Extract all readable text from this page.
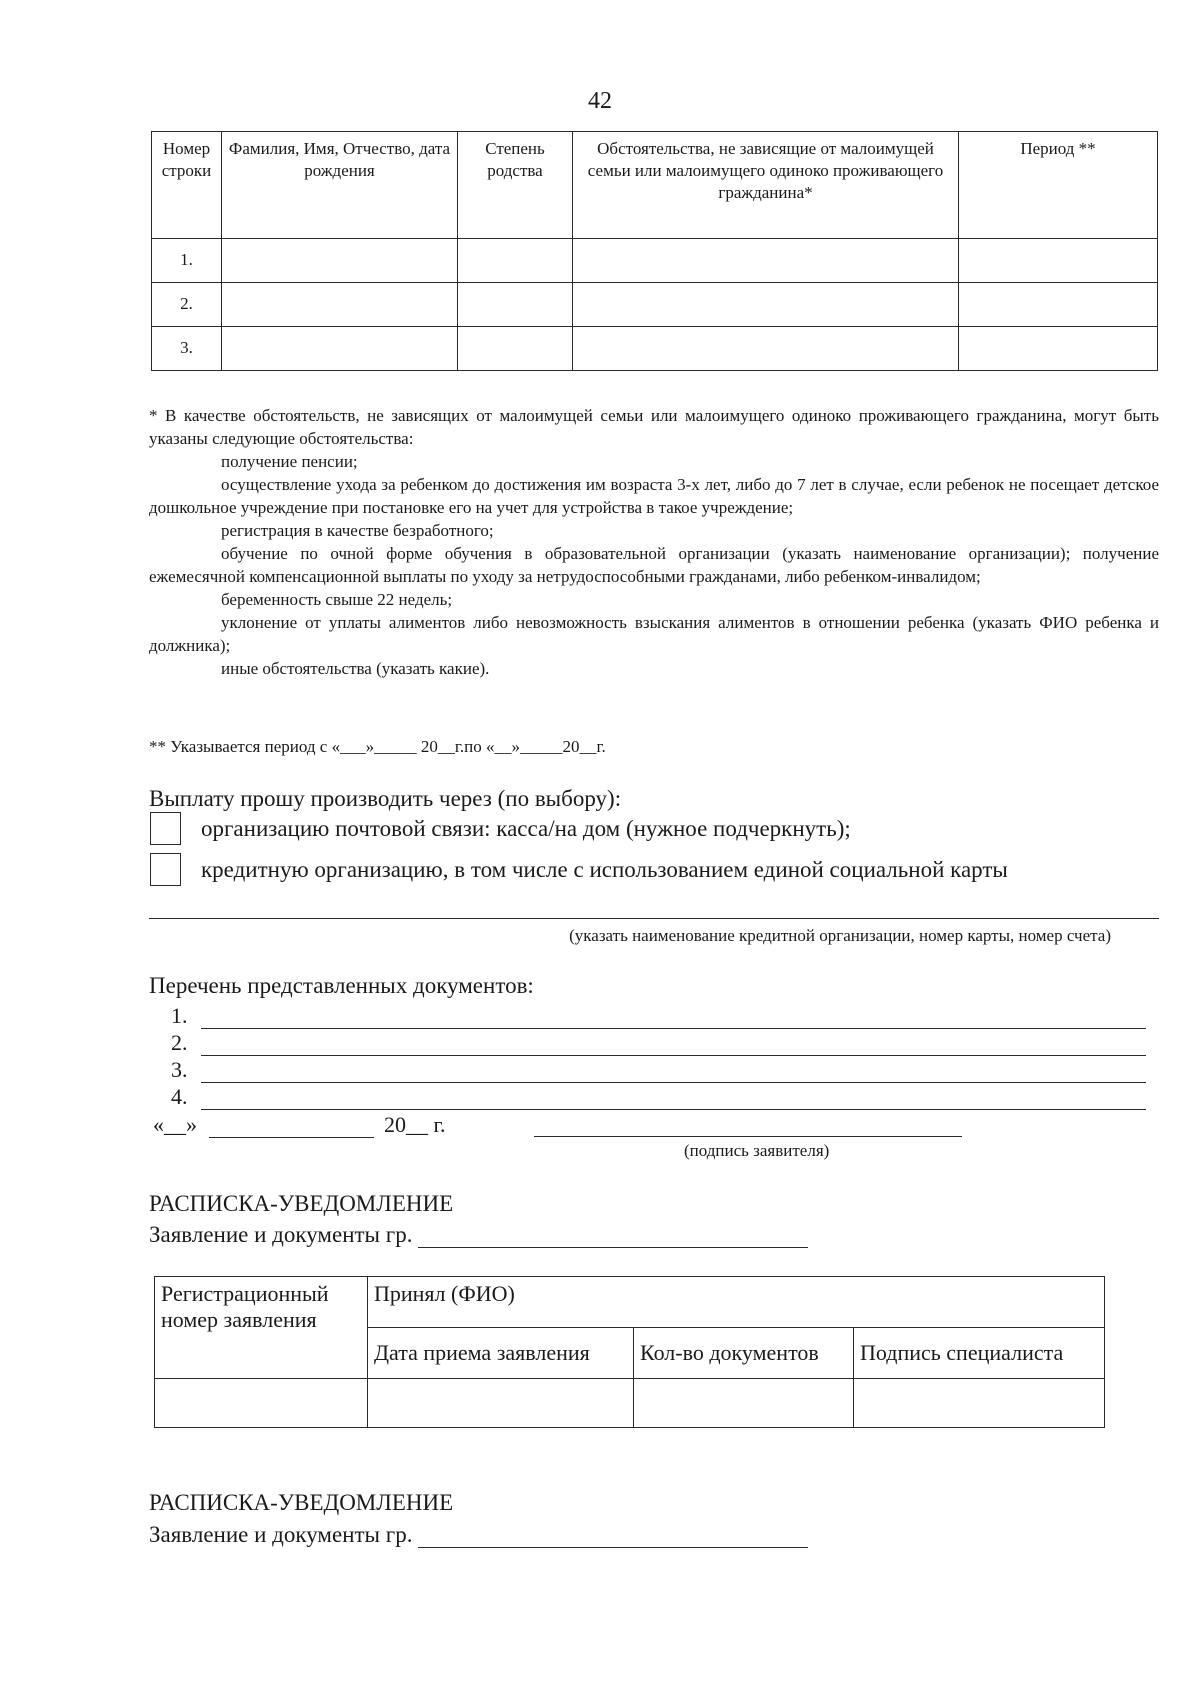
42
Номер строки	Фамилия, Имя, Отчество, дата рождения	Степень родства	Обстоятельства, не зависящие от малоимущей семьи или малоимущего одиноко проживающего гражданина*	Период **
1.				
2.				
3.				

* В качестве обстоятельств, не зависящих от малоимущей семьи или малоимущего одиноко проживающего гражданина, могут быть указаны следующие обстоятельства:

получение пенсии;

осуществление ухода за ребенком до достижения им возраста 3-х лет, либо до 7 лет в случае, если ребенок не посещает детское дошкольное учреждение при постановке его на учет для устройства в такое учреждение;

регистрация в качестве безработного;

обучение по очной форме обучения в образовательной организации (указать наименование организации); получение ежемесячной компенсационной выплаты по уходу за нетрудоспособными гражданами, либо ребенком-инвалидом;

беременность свыше 22 недель;

уклонение от уплаты алиментов либо невозможность взыскания алиментов в отношении ребенка (указать ФИО ребенка и должника);

иные обстоятельства (указать какие).

** Указывается период с «___»_____ 20__г.по «__»_____20__г.
Выплату прошу производить через (по выбору):
организацию почтовой связи: касса/на дом (нужное подчеркнуть);
кредитную организацию, в том числе с использованием единой социальной карты
(указать наименование кредитной организации, номер карты, номер счета)
Перечень представленных документов:
1.
2.
3.
4.
«__»	20__ г.
(подпись заявителя)
РАСПИСКА-УВЕДОМЛЕНИЕ
Заявление и документы гр.
Регистрационный номер заявления	Принял (ФИО)		
	Дата приема заявления	Кол-во документов	Подпись специалиста

РАСПИСКА-УВЕДОМЛЕНИЕ
Заявление и документы гр.
